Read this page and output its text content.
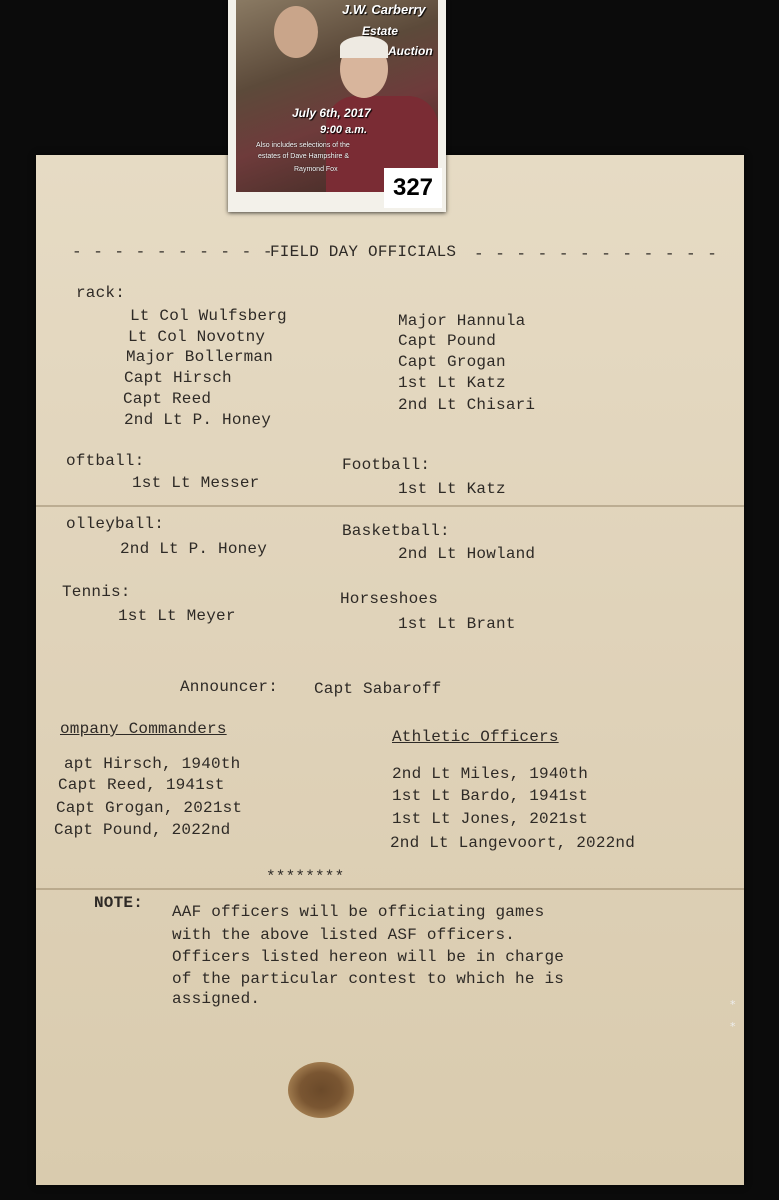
- - - - - - - - - -
FIELD DAY OFFICIALS - - - - - - - - - - - -
rack:
Lt Col Wulfsberg
Lt Col Novotny
Major Bollerman
Capt Hirsch
Capt Reed
2nd Lt P. Honey
Major Hannula
Capt Pound
Capt Grogan
1st Lt Katz
2nd Lt Chisari
oftball:
1st Lt Messer
Football:
1st Lt Katz
olleyball:
2nd Lt P. Honey
Basketball:
2nd Lt Howland
Tennis:
1st Lt Meyer
Horseshoes
1st Lt Brant
Announcer: Capt Sabaroff
ompany Commanders
apt Hirsch, 1940th
Capt Reed, 1941st
Capt Grogan, 2021st
Capt Pound, 2022nd
Athletic Officers
2nd Lt Miles, 1940th
1st Lt Bardo, 1941st
1st Lt Jones, 2021st
2nd Lt Langevoort, 2022nd
********
NOTE: AAF officers will be officiating games
with the above listed ASF officers.
Officers listed hereon will be in charge
of the particular contest to which he is
assigned.	*
*
J.W. Carberry
Estate
Auction
July 6th, 2017
9:00 a.m.
Also includes selections of the
estates of Dave Hampshire &
Raymond Fox
327
